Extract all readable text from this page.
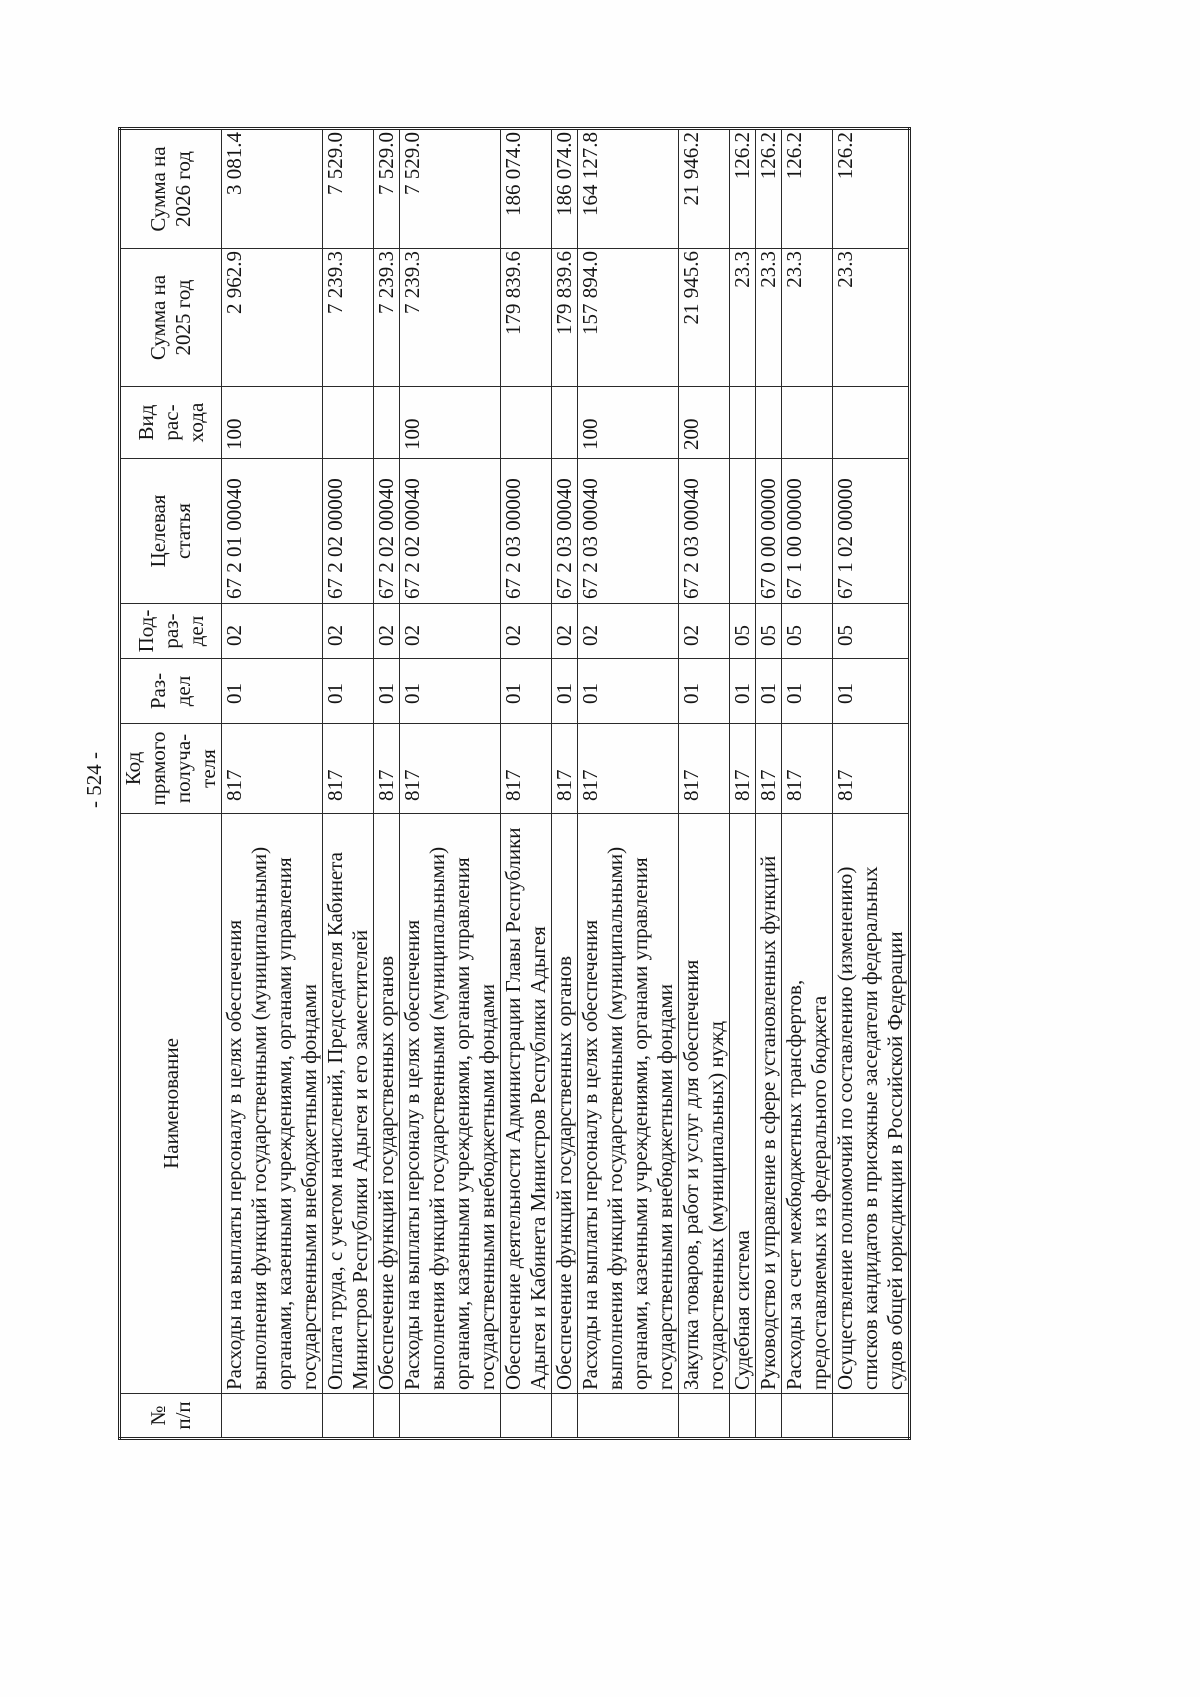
- 524 -
№
п/п	Наименование	Код
прямого
получа-
теля	Раз-
дел	Под-
раз-
дел	Целевая
статья	Вид
рас-
хода	Сумма на
2025 год	Сумма на
2026 год
	Расходы на выплаты персоналу в целях обеспечения
выполнения функций государственными (муниципальными)
органами, казенными учреждениями, органами управления
государственными внебюджетными фондами	817	01	02	67 2 01 00040	100	2 962.9	3 081.4
	Оплата труда, с учетом начислений, Председателя Кабинета
Министров Республики Адыгея и его заместителей	817	01	02	67 2 02 00000		7 239.3	7 529.0
	Обеспечение функций государственных органов	817	01	02	67 2 02 00040		7 239.3	7 529.0
	Расходы на выплаты персоналу в целях обеспечения
выполнения функций государственными (муниципальными)
органами, казенными учреждениями, органами управления
государственными внебюджетными фондами	817	01	02	67 2 02 00040	100	7 239.3	7 529.0
	Обеспечение деятельности Администрации Главы Республики
Адыгея и Кабинета Министров Республики Адыгея	817	01	02	67 2 03 00000		179 839.6	186 074.0
	Обеспечение функций государственных органов	817	01	02	67 2 03 00040		179 839.6	186 074.0
	Расходы на выплаты персоналу в целях обеспечения
выполнения функций государственными (муниципальными)
органами, казенными учреждениями, органами управления
государственными внебюджетными фондами	817	01	02	67 2 03 00040	100	157 894.0	164 127.8
	Закупка товаров, работ и услуг для обеспечения
государственных (муниципальных) нужд	817	01	02	67 2 03 00040	200	21 945.6	21 946.2
	Судебная система	817	01	05			23.3	126.2
	Руководство и управление в сфере установленных функций	817	01	05	67 0 00 00000		23.3	126.2
	Расходы за счет межбюджетных трансфертов,
предоставляемых из федерального бюджета	817	01	05	67 1 00 00000		23.3	126.2
	Осуществление полномочий по составлению (изменению)
списков кандидатов в присяжные заседатели федеральных
судов общей юрисдикции в Российской Федерации	817	01	05	67 1 02 00000		23.3	126.2
